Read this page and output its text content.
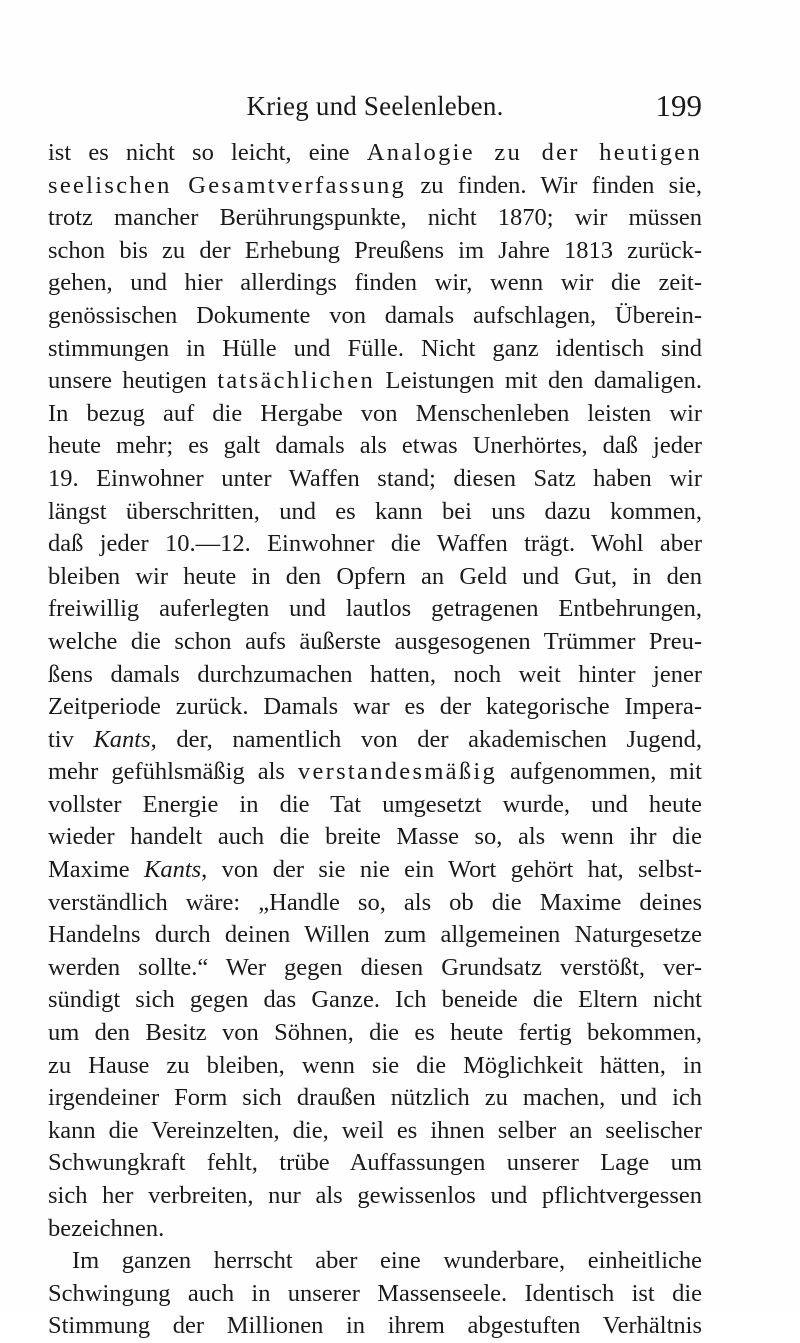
Krieg und Seelenleben.	199
ist es nicht so leicht, eine Analogie zu der heutigen
seelischen Gesamtverfassung zu finden. Wir finden sie,
trotz mancher Berührungspunkte, nicht 1870; wir müssen
schon bis zu der Erhebung Preußens im Jahre 1813 zurück-
gehen, und hier allerdings finden wir, wenn wir die zeit-
genössischen Dokumente von damals aufschlagen, Überein-
stimmungen in Hülle und Fülle. Nicht ganz identisch sind
unsere heutigen tatsächlichen Leistungen mit den damaligen.
In bezug auf die Hergabe von Menschenleben leisten wir
heute mehr; es galt damals als etwas Unerhörtes, daß jeder
19. Einwohner unter Waffen stand; diesen Satz haben wir
längst überschritten, und es kann bei uns dazu kommen,
daß jeder 10.—12. Einwohner die Waffen trägt. Wohl aber
bleiben wir heute in den Opfern an Geld und Gut, in den
freiwillig auferlegten und lautlos getragenen Entbehrungen,
welche die schon aufs äußerste ausgesogenen Trümmer Preu-
ßens damals durchzumachen hatten, noch weit hinter jener
Zeitperiode zurück. Damals war es der kategorische Impera-
tiv Kants, der, namentlich von der akademischen Jugend,
mehr gefühlsmäßig als verstandesmäßig aufgenommen, mit
vollster Energie in die Tat umgesetzt wurde, und heute
wieder handelt auch die breite Masse so, als wenn ihr die
Maxime Kants, von der sie nie ein Wort gehört hat, selbst-
verständlich wäre: „Handle so, als ob die Maxime deines
Handelns durch deinen Willen zum allgemeinen Naturgesetze
werden sollte.“ Wer gegen diesen Grundsatz verstößt, ver-
sündigt sich gegen das Ganze. Ich beneide die Eltern nicht
um den Besitz von Söhnen, die es heute fertig bekommen,
zu Hause zu bleiben, wenn sie die Möglichkeit hätten, in
irgendeiner Form sich draußen nützlich zu machen, und ich
kann die Vereinzelten, die, weil es ihnen selber an seelischer
Schwungkraft fehlt, trübe Auffassungen unserer Lage um
sich her verbreiten, nur als gewissenlos und pflichtvergessen
bezeichnen.
Im ganzen herrscht aber eine wunderbare, einheitliche
Schwingung auch in unserer Massenseele. Identisch ist die
Stimmung der Millionen in ihrem abgestuften Verhältnis
